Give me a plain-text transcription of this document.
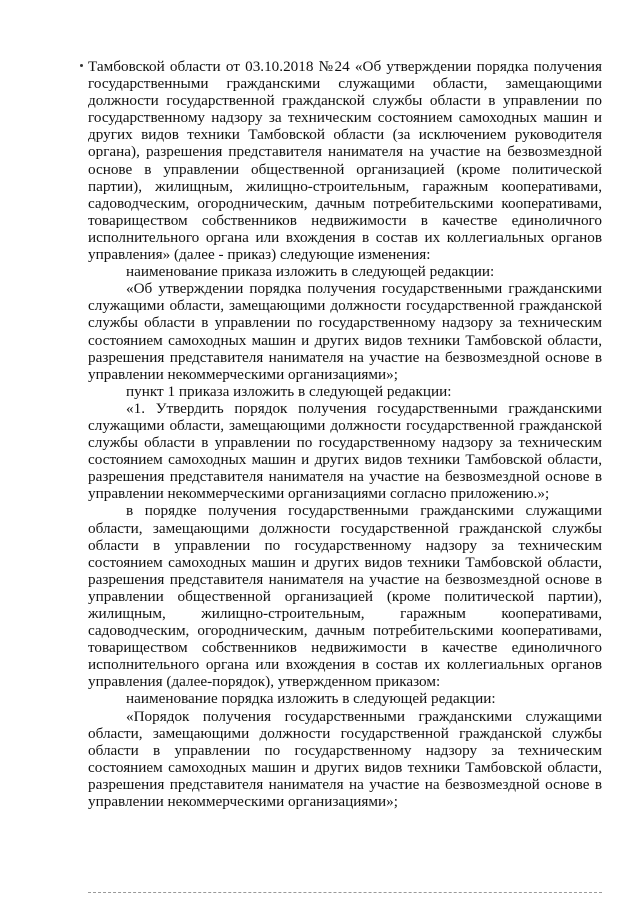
Тамбовской области от 03.10.2018 №24 «Об утверждении порядка получения государственными гражданскими служащими области, замещающими должности государственной гражданской службы области в управлении по государственному надзору за техническим состоянием самоходных машин и других видов техники Тамбовской области (за исключением руководителя органа), разрешения представителя нанимателя на участие на безвозмездной основе в управлении общественной организацией (кроме политической партии), жилищным, жилищно-строительным, гаражным кооперативами, садоводческим, огородническим, дачным потребительскими кооперативами, товариществом собственников недвижимости в качестве единоличного исполнительного органа или вхождения в состав их коллегиальных органов управления» (далее - приказ) следующие изменения:

наименование приказа изложить в следующей редакции:

«Об утверждении порядка получения государственными гражданскими служащими области, замещающими должности государственной гражданской службы области в управлении по государственному надзору за техническим состоянием самоходных машин и других видов техники Тамбовской области, разрешения представителя нанимателя на участие на безвозмездной основе в управлении некоммерческими организациями»;

пункт 1 приказа изложить в следующей редакции:

«1. Утвердить порядок получения государственными гражданскими служащими области, замещающими должности государственной гражданской службы области в управлении по государственному надзору за техническим состоянием самоходных машин и других видов техники Тамбовской области, разрешения представителя нанимателя на участие на безвозмездной основе в управлении некоммерческими организациями согласно приложению.»;

в порядке получения государственными гражданскими служащими области, замещающими должности государственной гражданской службы области в управлении по государственному надзору за техническим состоянием самоходных машин и других видов техники Тамбовской области, разрешения представителя нанимателя на участие на безвозмездной основе в управлении общественной организацией (кроме политической партии), жилищным, жилищно-строительным, гаражным кооперативами, садоводческим, огородническим, дачным потребительскими кооперативами, товариществом собственников недвижимости в качестве единоличного исполнительного органа или вхождения в состав их коллегиальных органов управления (далее-порядок), утвержденном приказом:

наименование порядка изложить в следующей редакции:

«Порядок получения государственными гражданскими служащими области, замещающими должности государственной гражданской службы области в управлении по государственному надзору за техническим состоянием самоходных машин и других видов техники Тамбовской области, разрешения представителя нанимателя на участие на безвозмездной основе в управлении некоммерческими организациями»;
